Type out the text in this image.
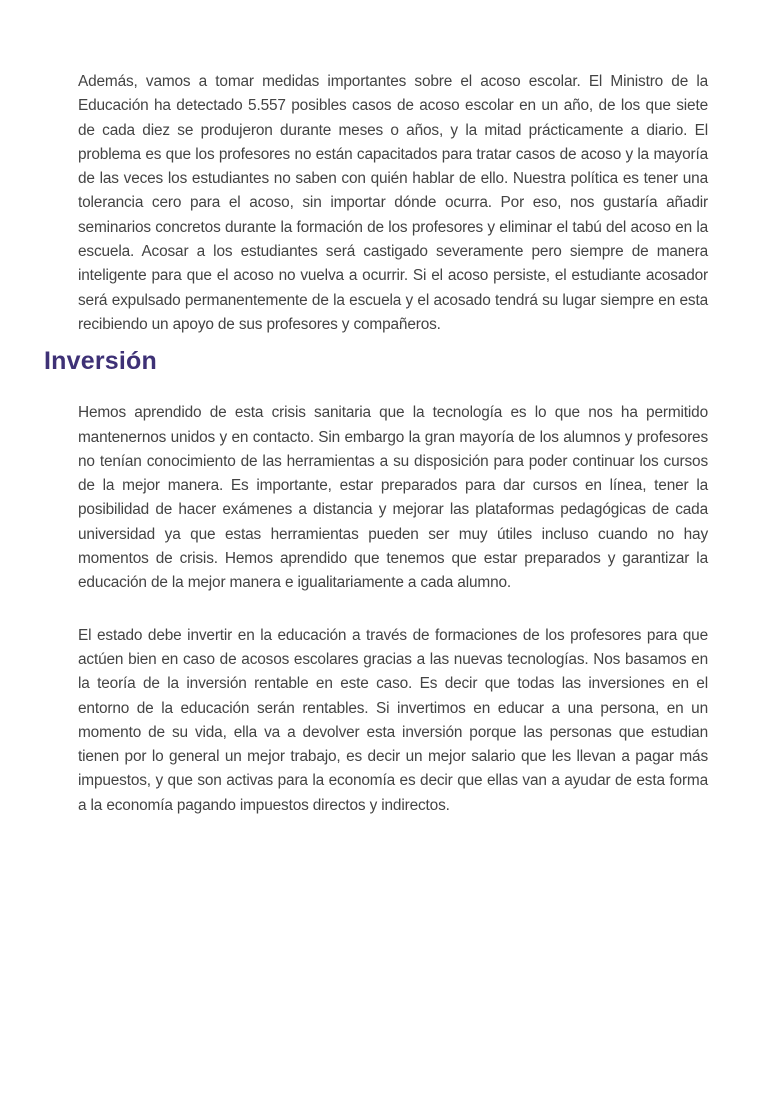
Además, vamos a tomar medidas importantes sobre el acoso escolar. El Ministro de la Educación ha detectado 5.557 posibles casos de acoso escolar en un año, de los que siete de cada diez se produjeron durante meses o años, y la mitad prácticamente a diario. El problema es que los profesores no están capacitados para tratar casos de acoso y la mayoría de las veces los estudiantes no saben con quién hablar de ello. Nuestra política es tener una tolerancia cero para el acoso, sin importar dónde ocurra. Por eso, nos gustaría añadir seminarios concretos durante la formación de los profesores y eliminar el tabú del acoso en la escuela. Acosar a los estudiantes será castigado severamente pero siempre de manera inteligente para que el acoso no vuelva a ocurrir. Si el acoso persiste, el estudiante acosador será expulsado permanentemente de la escuela y el acosado tendrá su lugar siempre en esta recibiendo un apoyo de sus profesores y compañeros.

Inversión

Hemos aprendido de esta crisis sanitaria que la tecnología es lo que nos ha permitido mantenernos unidos y en contacto. Sin embargo la gran mayoría de los alumnos y profesores no tenían conocimiento de las herramientas a su disposición para poder continuar los cursos de la mejor manera. Es importante, estar preparados para dar cursos en línea, tener la posibilidad de hacer exámenes a distancia y mejorar las plataformas pedagógicas de cada universidad ya que estas herramientas pueden ser muy útiles incluso cuando no hay momentos de crisis. Hemos aprendido que tenemos que estar preparados y garantizar la educación de la mejor manera e igualitariamente a cada alumno.

El estado debe invertir en la educación a través de formaciones de los profesores para que actúen bien en caso de acosos escolares gracias a las nuevas tecnologías. Nos basamos en la teoría de la inversión rentable en este caso. Es decir que todas las inversiones en el entorno de la educación serán rentables. Si invertimos en educar a una persona, en un momento de su vida, ella va a devolver esta inversión porque las personas que estudian tienen por lo general un mejor trabajo, es decir un mejor salario que les llevan a pagar más impuestos, y que son activas para la economía es decir que ellas van a ayudar de esta forma a la economía pagando impuestos directos y indirectos.
